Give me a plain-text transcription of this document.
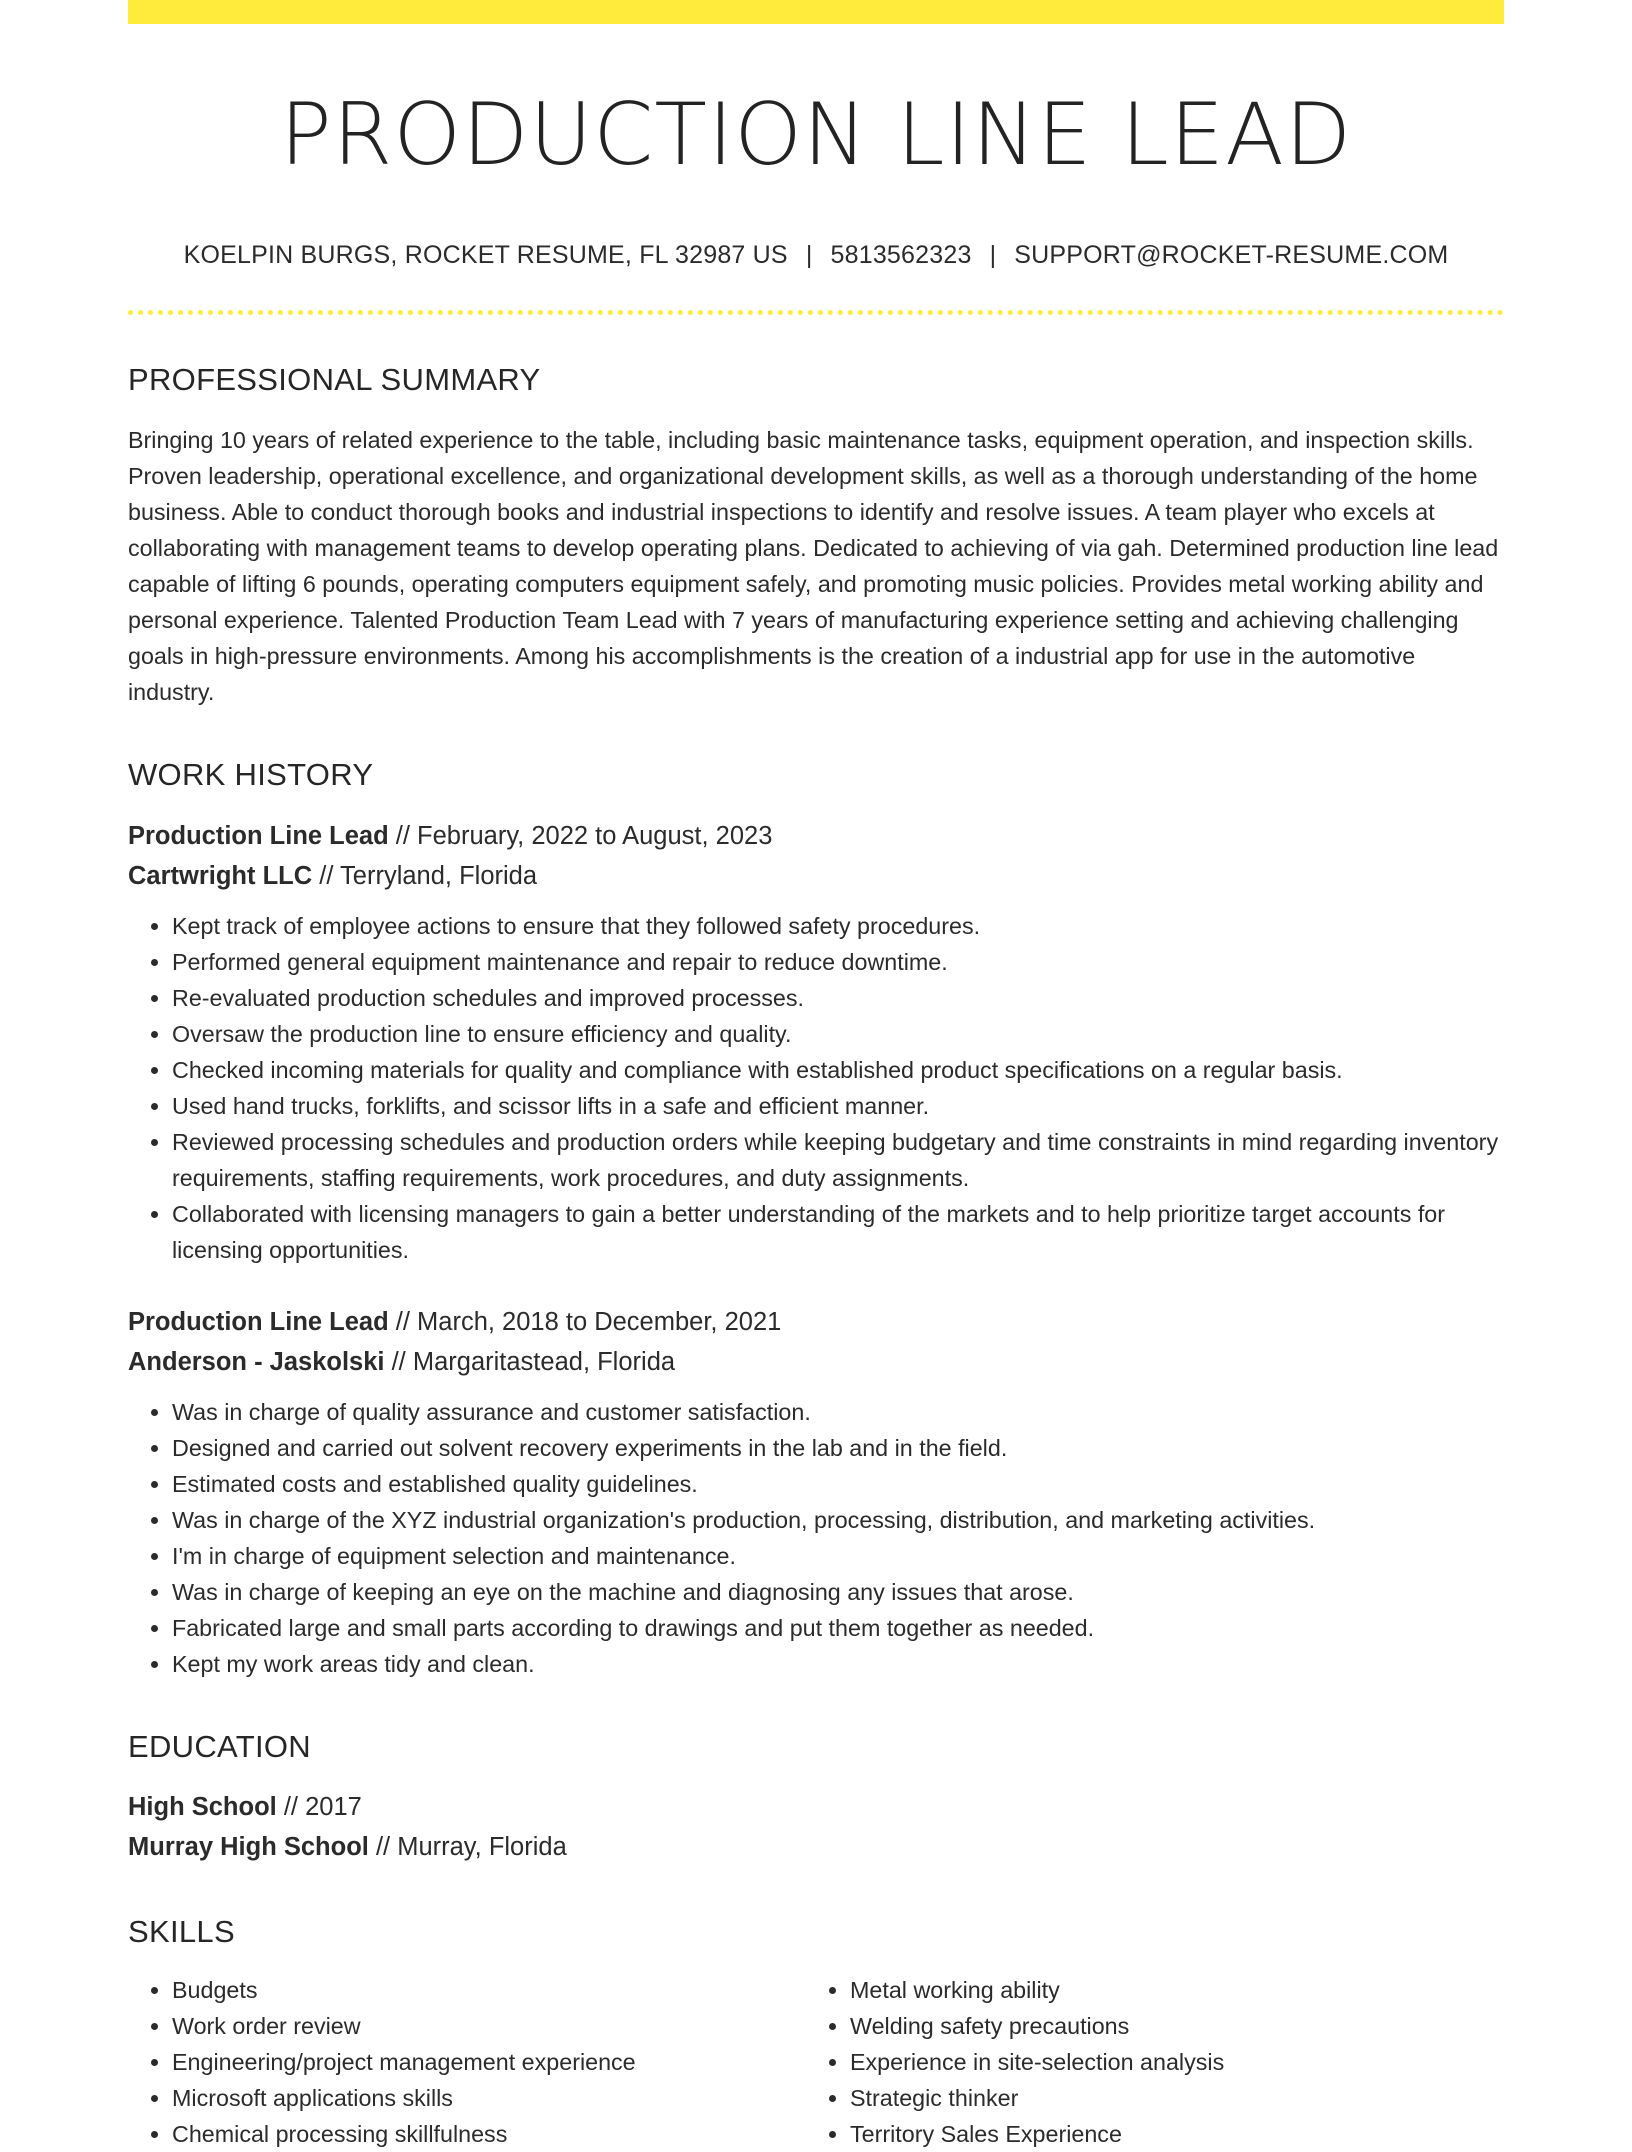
PRODUCTION LINE LEAD
KOELPIN BURGS, ROCKET RESUME, FL 32987 US | 5813562323 | SUPPORT@ROCKET-RESUME.COM
PROFESSIONAL SUMMARY
Bringing 10 years of related experience to the table, including basic maintenance tasks, equipment operation, and inspection skills. Proven leadership, operational excellence, and organizational development skills, as well as a thorough understanding of the home business. Able to conduct thorough books and industrial inspections to identify and resolve issues. A team player who excels at collaborating with management teams to develop operating plans. Dedicated to achieving of via gah. Determined production line lead capable of lifting 6 pounds, operating computers equipment safely, and promoting music policies. Provides metal working ability and personal experience. Talented Production Team Lead with 7 years of manufacturing experience setting and achieving challenging goals in high-pressure environments. Among his accomplishments is the creation of a industrial app for use in the automotive industry.
WORK HISTORY
Production Line Lead // February, 2022 to August, 2023
Cartwright LLC // Terryland, Florida
• Kept track of employee actions to ensure that they followed safety procedures.
• Performed general equipment maintenance and repair to reduce downtime.
• Re-evaluated production schedules and improved processes.
• Oversaw the production line to ensure efficiency and quality.
• Checked incoming materials for quality and compliance with established product specifications on a regular basis.
• Used hand trucks, forklifts, and scissor lifts in a safe and efficient manner.
• Reviewed processing schedules and production orders while keeping budgetary and time constraints in mind regarding inventory requirements, staffing requirements, work procedures, and duty assignments.
• Collaborated with licensing managers to gain a better understanding of the markets and to help prioritize target accounts for licensing opportunities.
Production Line Lead // March, 2018 to December, 2021
Anderson - Jaskolski // Margaritastead, Florida
• Was in charge of quality assurance and customer satisfaction.
• Designed and carried out solvent recovery experiments in the lab and in the field.
• Estimated costs and established quality guidelines.
• Was in charge of the XYZ industrial organization's production, processing, distribution, and marketing activities.
• I'm in charge of equipment selection and maintenance.
• Was in charge of keeping an eye on the machine and diagnosing any issues that arose.
• Fabricated large and small parts according to drawings and put them together as needed.
• Kept my work areas tidy and clean.
EDUCATION
High School // 2017
Murray High School // Murray, Florida
SKILLS
• Budgets
• Work order review
• Engineering/project management experience
• Microsoft applications skills
• Chemical processing skillfulness
• Metal working ability
• Welding safety precautions
• Experience in site-selection analysis
• Strategic thinker
• Territory Sales Experience
